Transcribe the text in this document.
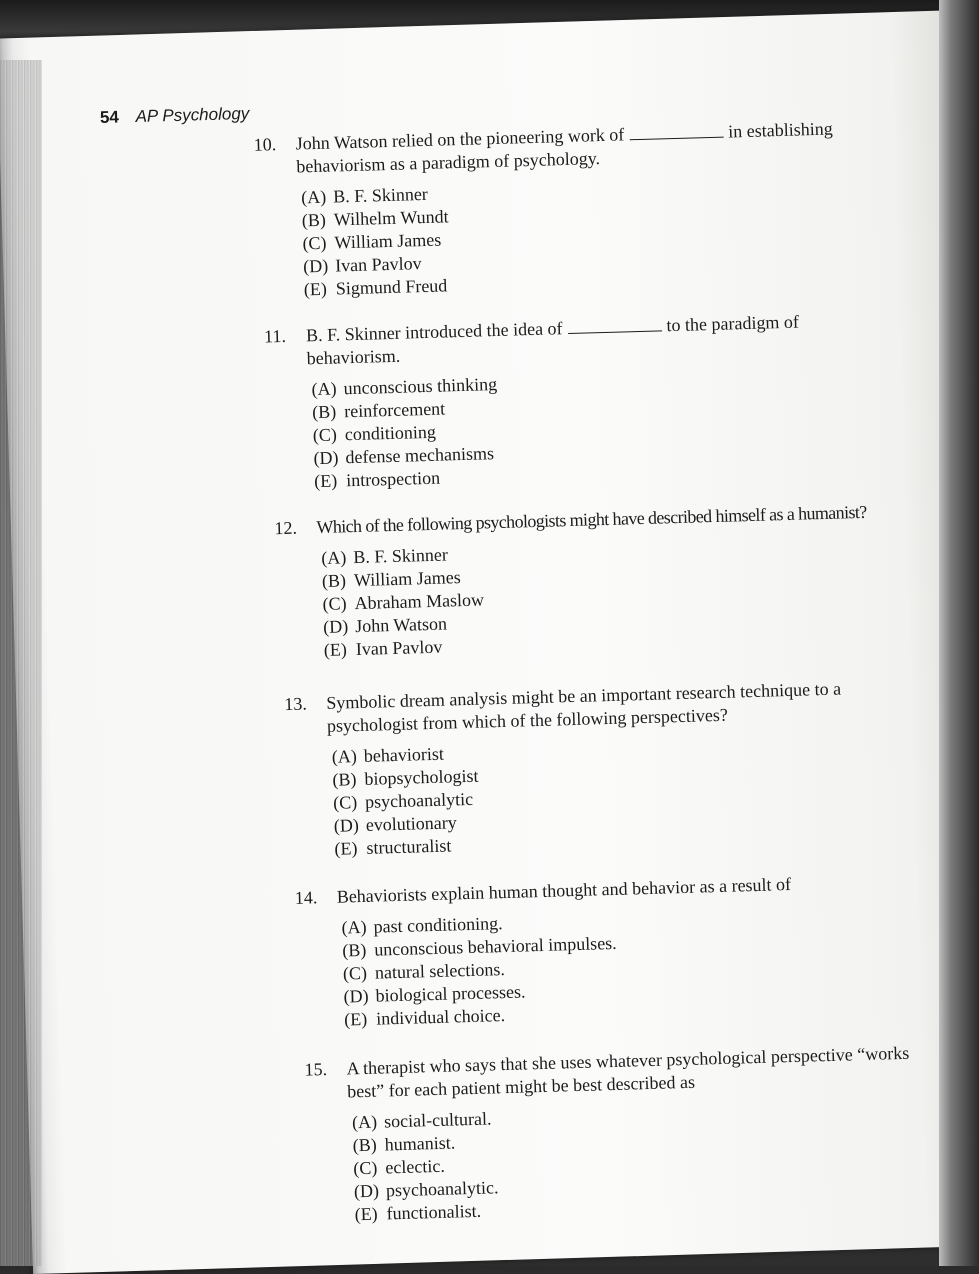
54 AP Psychology
10. John Watson relied on the pioneering work of	in establishing behaviorism as a paradigm of psychology.
(A) B. F. Skinner
(B) Wilhelm Wundt
(C) William James
(D) Ivan Pavlov
(E) Sigmund Freud
11. B. F. Skinner introduced the idea of	to the paradigm of behaviorism.
(A) unconscious thinking
(B) reinforcement
(C) conditioning
(D) defense mechanisms
(E) introspection
12. Which of the following psychologists might have described himself as a humanist?
(A) B. F. Skinner
(B) William James
(C) Abraham Maslow
(D) John Watson
(E) Ivan Pavlov
13. Symbolic dream analysis might be an important research technique to a psychologist from which of the following perspectives?
(A) behaviorist
(B) biopsychologist
(C) psychoanalytic
(D) evolutionary
(E) structuralist
14. Behaviorists explain human thought and behavior as a result of
(A) past conditioning.
(B) unconscious behavioral impulses.
(C) natural selections.
(D) biological processes.
(E) individual choice.
15. A therapist who says that she uses whatever psychological perspective “works best” for each patient might be best described as
(A) social-cultural.
(B) humanist.
(C) eclectic.
(D) psychoanalytic.
(E) functionalist.
